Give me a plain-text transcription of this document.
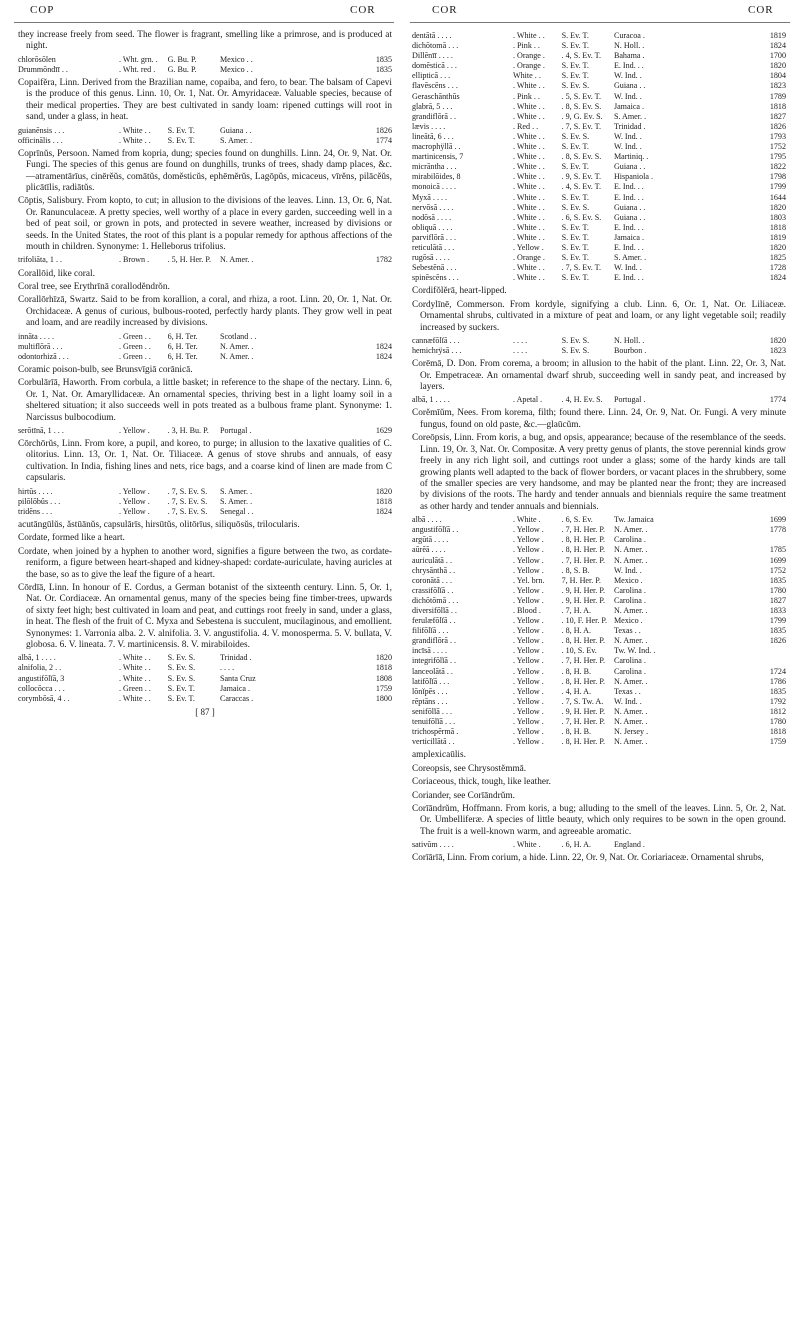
COP	COR	COR	COR

they increase freely from seed. The flower is fragrant, smelling like a primrose, and is produced at night.

chlorōsōlen	. Wht. grn. .	G. Bu. P.	Mexico . .	1835
Drummōndīī . .	. Wht. red .	G. Bu. P.	Mexico . .	1835

Copaifĕra, Linn. Derived from the Brazilian name, copaiba, and fero, to bear. The balsam of Capevi is the produce of this genus. Linn. 10, Or. 1, Nat. Or. Amyridaceæ. Valuable species, because of their medical properties. They are best cultivated in sandy loam: ripened cuttings will root in sand, under a glass, in heat.

guianēnsis . . .	. White . .	S. Ev. T.	Guiana . .	1826
officinālis . . .	. White . .	S. Ev. T.	S. Amer. .	1774

Coprīnŭs, Persoon. Named from kopria, dung; species found on dunghills. Linn. 24, Or. 9, Nat. Or. Fungi. The species of this genus are found on dunghills, trunks of trees, shady damp places, &c. —atramentārīus, cinērĕŭs, comātŭs, domĕsticŭs, ephēmĕrŭs, Lagōpŭs, micaceus, vīrĕns, pilācĕŭs, plicātīlis, radiātŭs.

Cōptis, Salisbury. From kopto, to cut; in allusion to the divisions of the leaves. Linn. 13, Or. 6, Nat. Or. Ranunculaceæ. A pretty species, well worthy of a place in every garden, succeeding well in a bed of peat soil, or grown in pots, and protected in severe weather, increased by divisions or seeds. In the United States, the root of this plant is a popular remedy for apthous affections of the mouth in children. Synonyme: 1. Helleborus trifolius.

trifoliāta, 1 . .	. Brown .	. 5, H. Her. P.	N. Amer. .	1782

Corallōid, like coral.

Coral tree, see Erythrīnā corallodĕndrŏn.

Corallōrhīzā, Swartz. Said to be from korallion, a coral, and rhiza, a root. Linn. 20, Or. 1, Nat. Or. Orchidaceæ. A genus of curious, bulbous-rooted, perfectly hardy plants. They grow well in peat and loam, and are readily increased by divisions.

innāta . . . .	. Green . .	6, H. Ter.	Scotland . .	
multiflōrā . . .	. Green . .	6, H. Ter.	N. Amer. .	1824
odontorhizā . . .	. Green . .	6, H. Ter.	N. Amer. .	1824

Coramic poison-bulb, see Brunsvīgiā corānicā.

Corbulārīā, Haworth. From corbula, a little basket; in reference to the shape of the nectary. Linn. 6, Or. 1, Nat. Or. Amaryllidaceæ. An ornamental species, thriving best in a light loamy soil in a sheltered situation; it also succeeds well in pots treated as a bulbous frame plant. Synonyme: 1. Narcissus bulbocodium.

serōtīnā, 1 . . .	. Yellow .	. 3, H. Bu. P.	Portugal .	1629

Cōrchōrŭs, Linn. From kore, a pupil, and koreo, to purge; in allusion to the laxative qualities of C. olitorius. Linn. 13, Or. 1, Nat. Or. Tiliaceæ. A genus of stove shrubs and annuals, of easy cultivation. In India, fishing lines and nets, rice bags, and a coarse kind of linen are made from C capsularis.

hirtŭs . . . .	. Yellow .	. 7, S. Ev. S.	S. Amer. .	1820
pilōlōbŭs . . .	. Yellow .	. 7, S. Ev. S.	S. Amer. .	1818
tridēns . . .	. Yellow .	. 7, S. Ev. S.	Senegal . .	1824

acutāngūlŭs, ăstūānŭs, capsulārīs, hirsūtŭs, olitōrīus, siliquōsŭs, trilocularis.

Cordate, formed like a heart.

Cordate, when joined by a hyphen to another word, signifies a figure between the two, as cordate-reniform, a figure between heart-shaped and kidney-shaped: cordate-auriculate, having auricles at the base, so as to give the leaf the figure of a heart.

Cōrdīā, Linn. In honour of E. Cordus, a German botanist of the sixteenth century. Linn. 5, Or. 1, Nat. Or. Cordiaceæ. An ornamental genus, many of the species being fine timber-trees, upwards of sixty feet high; best cultivated in loam and peat, and cuttings root freely in sand, under a glass, in heat. The flesh of the fruit of C. Myxa and Sebestena is succulent, mucilaginous, and emollient. Synonymes: 1. Varronia alba. 2. V. alnifolia. 3. V. angustifolia. 4. V. monosperma. 5. V. bullata, V. globosa. 6. V. lineata. 7. V. martinicensis. 8. V. mirabiloides.

albā, 1 . . . .	. White . .	S. Ev. S.	Trinidad .	1820
alnifolia, 2 . .	. White . .	S. Ev. S.	. . . .	1818
angustifōlĭā, 3	. White . .	S. Ev. S.	Santa Cruz	1808
collocōcca . . .	. Green . .	S. Ev. T.	Jamaica .	1759
corymbōsā, 4 . .	. White . .	S. Ev. T.	Caraccas .	1800
[ 87 ]
dentātā . . . .	. White . .	S. Ev. T.	Curacoa .	1819
dichōtomā . . .	. Pink . .	S. Ev. T.	N. Holl. .	1824
Dillēnīī . . . .	. Orange .	. 4, S. Ev. T.	Bahama .	1700
domēsticā . . .	. Orange .	S. Ev. T.	E. Ind. . .	1820
ellipticā . . .	White . .	S. Ev. T.	W. Ind. .	1804
flavēscēns . . .	. White . .	S. Ev. S.	Guiana . .	1823
Geraschānthŭs	. Pink . .	. 5, S. Ev. T.	W. Ind. .	1789
glabrā, 5 . . .	. White . .	. 8, S. Ev. S.	Jamaica .	1818
grandiflōrā . .	. White . .	. 9, G. Ev. S.	S. Amer. .	1827
lævis . . . .	. Red . .	. 7, S. Ev. T.	Trinidad .	1826
lineātā, 6 . . .	. White . .	S. Ev. S.	W. Ind. .	1793
macrophÿllā . .	. White . .	S. Ev. T.	W. Ind. .	1752
martinicensis, 7	. White . .	. 8, S. Ev. S.	Martiniq. .	1795
micrāntha . . .	. White . .	S. Ev. T.	Guiana . .	1822
mirabilōides, 8	. White . .	. 9, S. Ev. T.	Hispaniola .	1798
monoicā . . . .	. White . .	. 4, S. Ev. T.	E. Ind. . .	1799
Myxā . . . .	. White . .	S. Ev. T.	E. Ind. . .	1644
nervōsā . . . .	. White . .	S. Ev. S.	Guiana . .	1820
nodōsā . . . .	. White . .	. 6, S. Ev. S.	Guiana . .	1803
obliquā . . . .	. White . .	S. Ev. T.	E. Ind. . .	1818
parviflōrā . . .	. White . .	S. Ev. T.	Jamaica .	1819
reticulātā . . .	. Yellow .	S. Ev. T.	E. Ind. . .	1820
rugōsā . . . .	. Orange .	S. Ev. T.	S. Amer. .	1825
Sebestēnā . . .	. White . .	. 7, S. Ev. T.	W. Ind. .	1728
spinēscēns . . .	. White . .	S. Ev. T.	E. Ind. . .	1824

Cordifŏlĕrā, heart-lipped.

Cordylīnē, Commerson. From kordyle, signifying a club. Linn. 6, Or. 1, Nat. Or. Liliaceæ. Ornamental shrubs, cultivated in a mixture of peat and loam, or any light vegetable soil; readily increased by suckers.

cannæfōlĭā . . .	. . . .	S. Ev. S.	N. Holl. .	1820
hemichrÿsā . . .	. . . .	S. Ev. S.	Bourbon .	1823

Corēmā, D. Don. From corema, a broom; in allusion to the habit of the plant. Linn. 22, Or. 3, Nat. Or. Empetraceæ. An ornamental dwarf shrub, succeeding well in sandy peat, and increased by layers.

albā, 1 . . . .	. Apetal .	. 4, H. Ev. S.	Portugal .	1774

Corĕmīŭm, Nees. From korema, filth; found there. Linn. 24, Or. 9, Nat. Or. Fungi. A very minute fungus, found on old paste, &c.—glaūcŭm.

Coreōpsis, Linn. From koris, a bug, and opsis, appearance; because of the resemblance of the seeds. Linn. 19, Or. 3, Nat. Or. Compositæ. A very pretty genus of plants, the stove perennial kinds grow freely in any rich light soil, and cuttings root under a glass; some of the hardy kinds are tall growing plants well adapted to the back of flower borders, or vacant places in the shrubbery, some of the smaller species are very handsome, and may be planted near the front; they are increased by divisions of the roots. The hardy and tender annuals and biennials require the same treatment as other hardy and tender annuals and biennials.

albā . . . .	. White .	. 6, S. Ev.	Tw. Jamaica	1699
angustifōlĭā . .	. Yellow .	. 7, H. Her. P.	N. Amer. .	1778
argūtā . . . .	. Yellow .	. 8, H. Her. P.	Carolina .	
aūrĕā . . . .	. Yellow .	. 8, H. Her. P.	N. Amer. .	1785
auriculātā . .	. Yellow .	. 7, H. Her. P.	N. Amer. .	1699
chrysānthā . .	. Yellow .	. 8, S. B.	W. Ind. .	1752
coronātā . . .	. Yel. brn.	7, H. Her. P.	Mexico .	1835
crassifōlĭā . .	. Yellow .	. 9, H. Her. P.	Carolina .	1780
dichōtōmā . . .	. Yellow .	. 9, H. Her. P.	Carolina .	1827
diversifōlĭā . .	. Blood .	. 7, H. A.	N. Amer. .	1833
ferulæfōlĭā . .	. Yellow .	. 10, F. Her. P.	Mexico .	1799
filifōlĭā . . .	. Yellow .	. 8, H. A.	Texas . .	1835
grandiflōrā . .	. Yellow .	. 8, H. Her. P.	N. Amer. .	1826
incīsā . . . .	. Yellow .	. 10, S. Ev.	Tw. W. Ind. .	
integrifōlĭā . .	. Yellow .	. 7, H. Her. P.	Carolina .	
lanceolātā . .	. Yellow .	. 8, H. B.	Carolina .	1724
latifōlĭā . . .	. Yellow .	. 8, H. Her. P.	N. Amer. .	1786
lōnĭpēs . . .	. Yellow .	. 4, H. A.	Texas . .	1835
rēptāns . . .	. Yellow .	. 7, S. Tw. A.	W. Ind. .	1792
senifōlĭā . . .	. Yellow .	. 9, H. Her. P.	N. Amer. .	1812
tenuifōlĭā . . .	. Yellow .	. 7, H. Her. P.	N. Amer. .	1780
trichospērmā .	. Yellow .	. 8, H. B.	N. Jersey .	1818
verticillātā . .	. Yellow .	. 8, H. Her. P.	N. Amer. .	1759

amplexicaūlis.

Coreopsis, see Chrysostĕmmā.

Coriaceous, thick, tough, like leather.

Coriander, see Corīāndrŭm.

Corīāndrŭm, Hoffmann. From koris, a bug; alluding to the smell of the leaves. Linn. 5, Or. 2, Nat. Or. Umbelliferæ. A species of little beauty, which only requires to be sown in the open ground. The fruit is a well-known warm, and agreeable aromatic.

sativŭm . . . .	. White .	. 6, H. A.	England .	

Corīārīā, Linn. From corium, a hide. Linn. 22, Or. 9, Nat. Or. Coriariaceæ. Ornamental shrubs,
